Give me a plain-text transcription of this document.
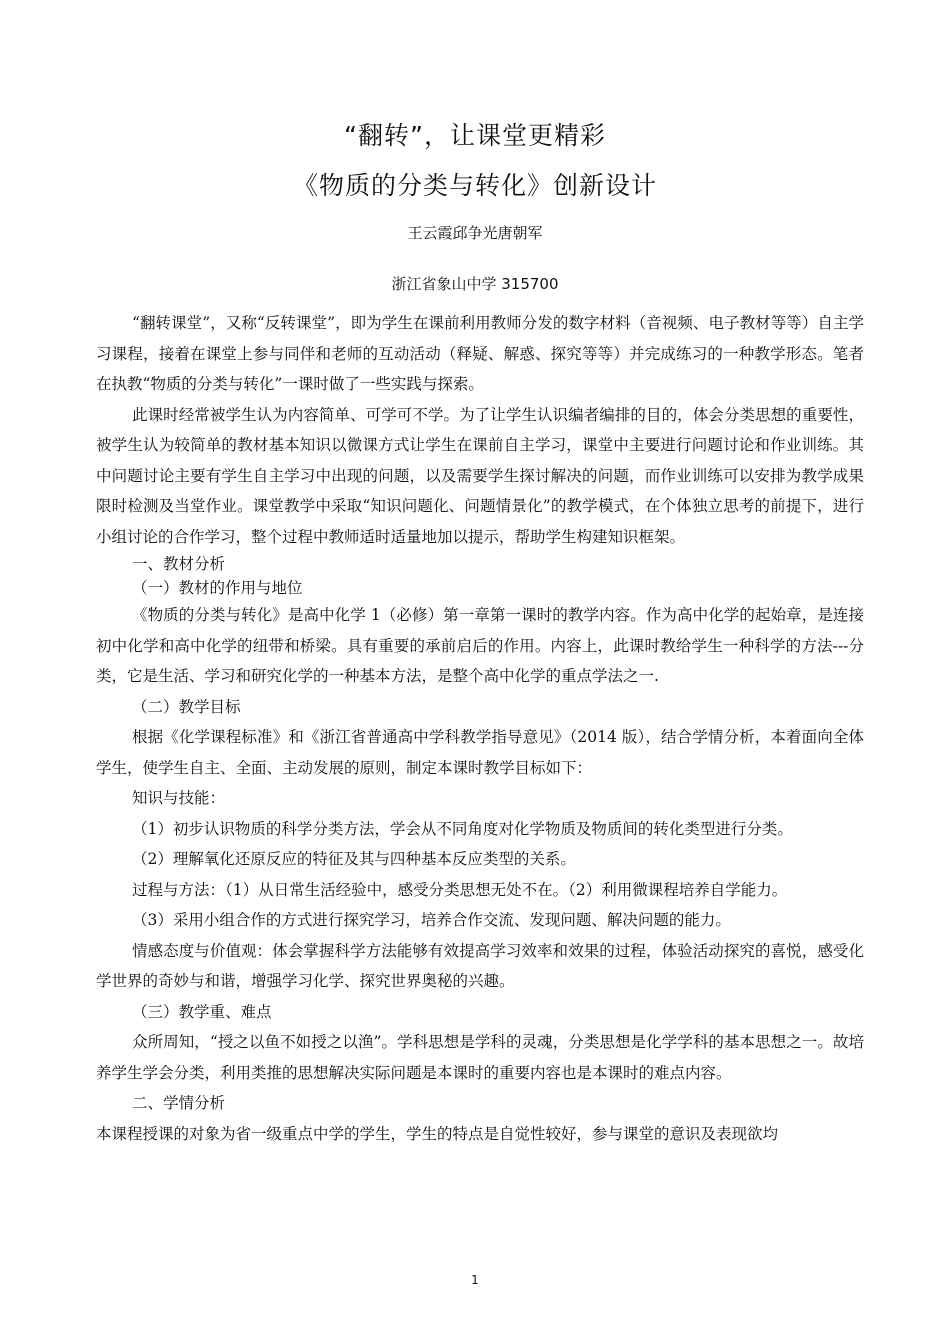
“翻转”，让课堂更精彩
《物质的分类与转化》创新设计
王云霞邱争光唐朝军
浙江省象山中学 315700

“翻转课堂”，又称“反转课堂”，即为学生在课前利用教师分发的数字材料（音视频、电子教材等等）自主学习课程，接着在课堂上参与同伴和老师的互动活动（释疑、解惑、探究等等）并完成练习的一种教学形态。笔者在执教“物质的分类与转化”一课时做了一些实践与探索。

此课时经常被学生认为内容简单、可学可不学。为了让学生认识编者编排的目的，体会分类思想的重要性，被学生认为较简单的教材基本知识以微课方式让学生在课前自主学习，课堂中主要进行问题讨论和作业训练。其中问题讨论主要有学生自主学习中出现的问题，以及需要学生探讨解决的问题，而作业训练可以安排为教学成果限时检测及当堂作业。课堂教学中采取“知识问题化、问题情景化”的教学模式，在个体独立思考的前提下，进行小组讨论的合作学习，整个过程中教师适时适量地加以提示，帮助学生构建知识框架。

一、教材分析

（一）教材的作用与地位

《物质的分类与转化》是高中化学 1（必修）第一章第一课时的教学内容。作为高中化学的起始章，是连接初中化学和高中化学的纽带和桥梁。具有重要的承前启后的作用。内容上，此课时教给学生一种科学的方法---分类，它是生活、学习和研究化学的一种基本方法，是整个高中化学的重点学法之一.

（二）教学目标

根据《化学课程标准》和《浙江省普通高中学科教学指导意见》（2014 版），结合学情分析，本着面向全体学生，使学生自主、全面、主动发展的原则，制定本课时教学目标如下：

知识与技能：

（1）初步认识物质的科学分类方法，学会从不同角度对化学物质及物质间的转化类型进行分类。

（2）理解氧化还原反应的特征及其与四种基本反应类型的关系。

过程与方法：（1）从日常生活经验中，感受分类思想无处不在。（2）利用微课程培养自学能力。

（3）采用小组合作的方式进行探究学习，培养合作交流、发现问题、解决问题的能力。

情感态度与价值观：体会掌握科学方法能够有效提高学习效率和效果的过程，体验活动探究的喜悦，感受化学世界的奇妙与和谐，增强学习化学、探究世界奥秘的兴趣。

（三）教学重、难点

众所周知，“授之以鱼不如授之以渔”。学科思想是学科的灵魂，分类思想是化学学科的基本思想之一。故培养学生学会分类，利用类推的思想解决实际问题是本课时的重要内容也是本课时的难点内容。

二、学情分析

本课程授课的对象为省一级重点中学的学生，学生的特点是自觉性较好，参与课堂的意识及表现欲均

1
